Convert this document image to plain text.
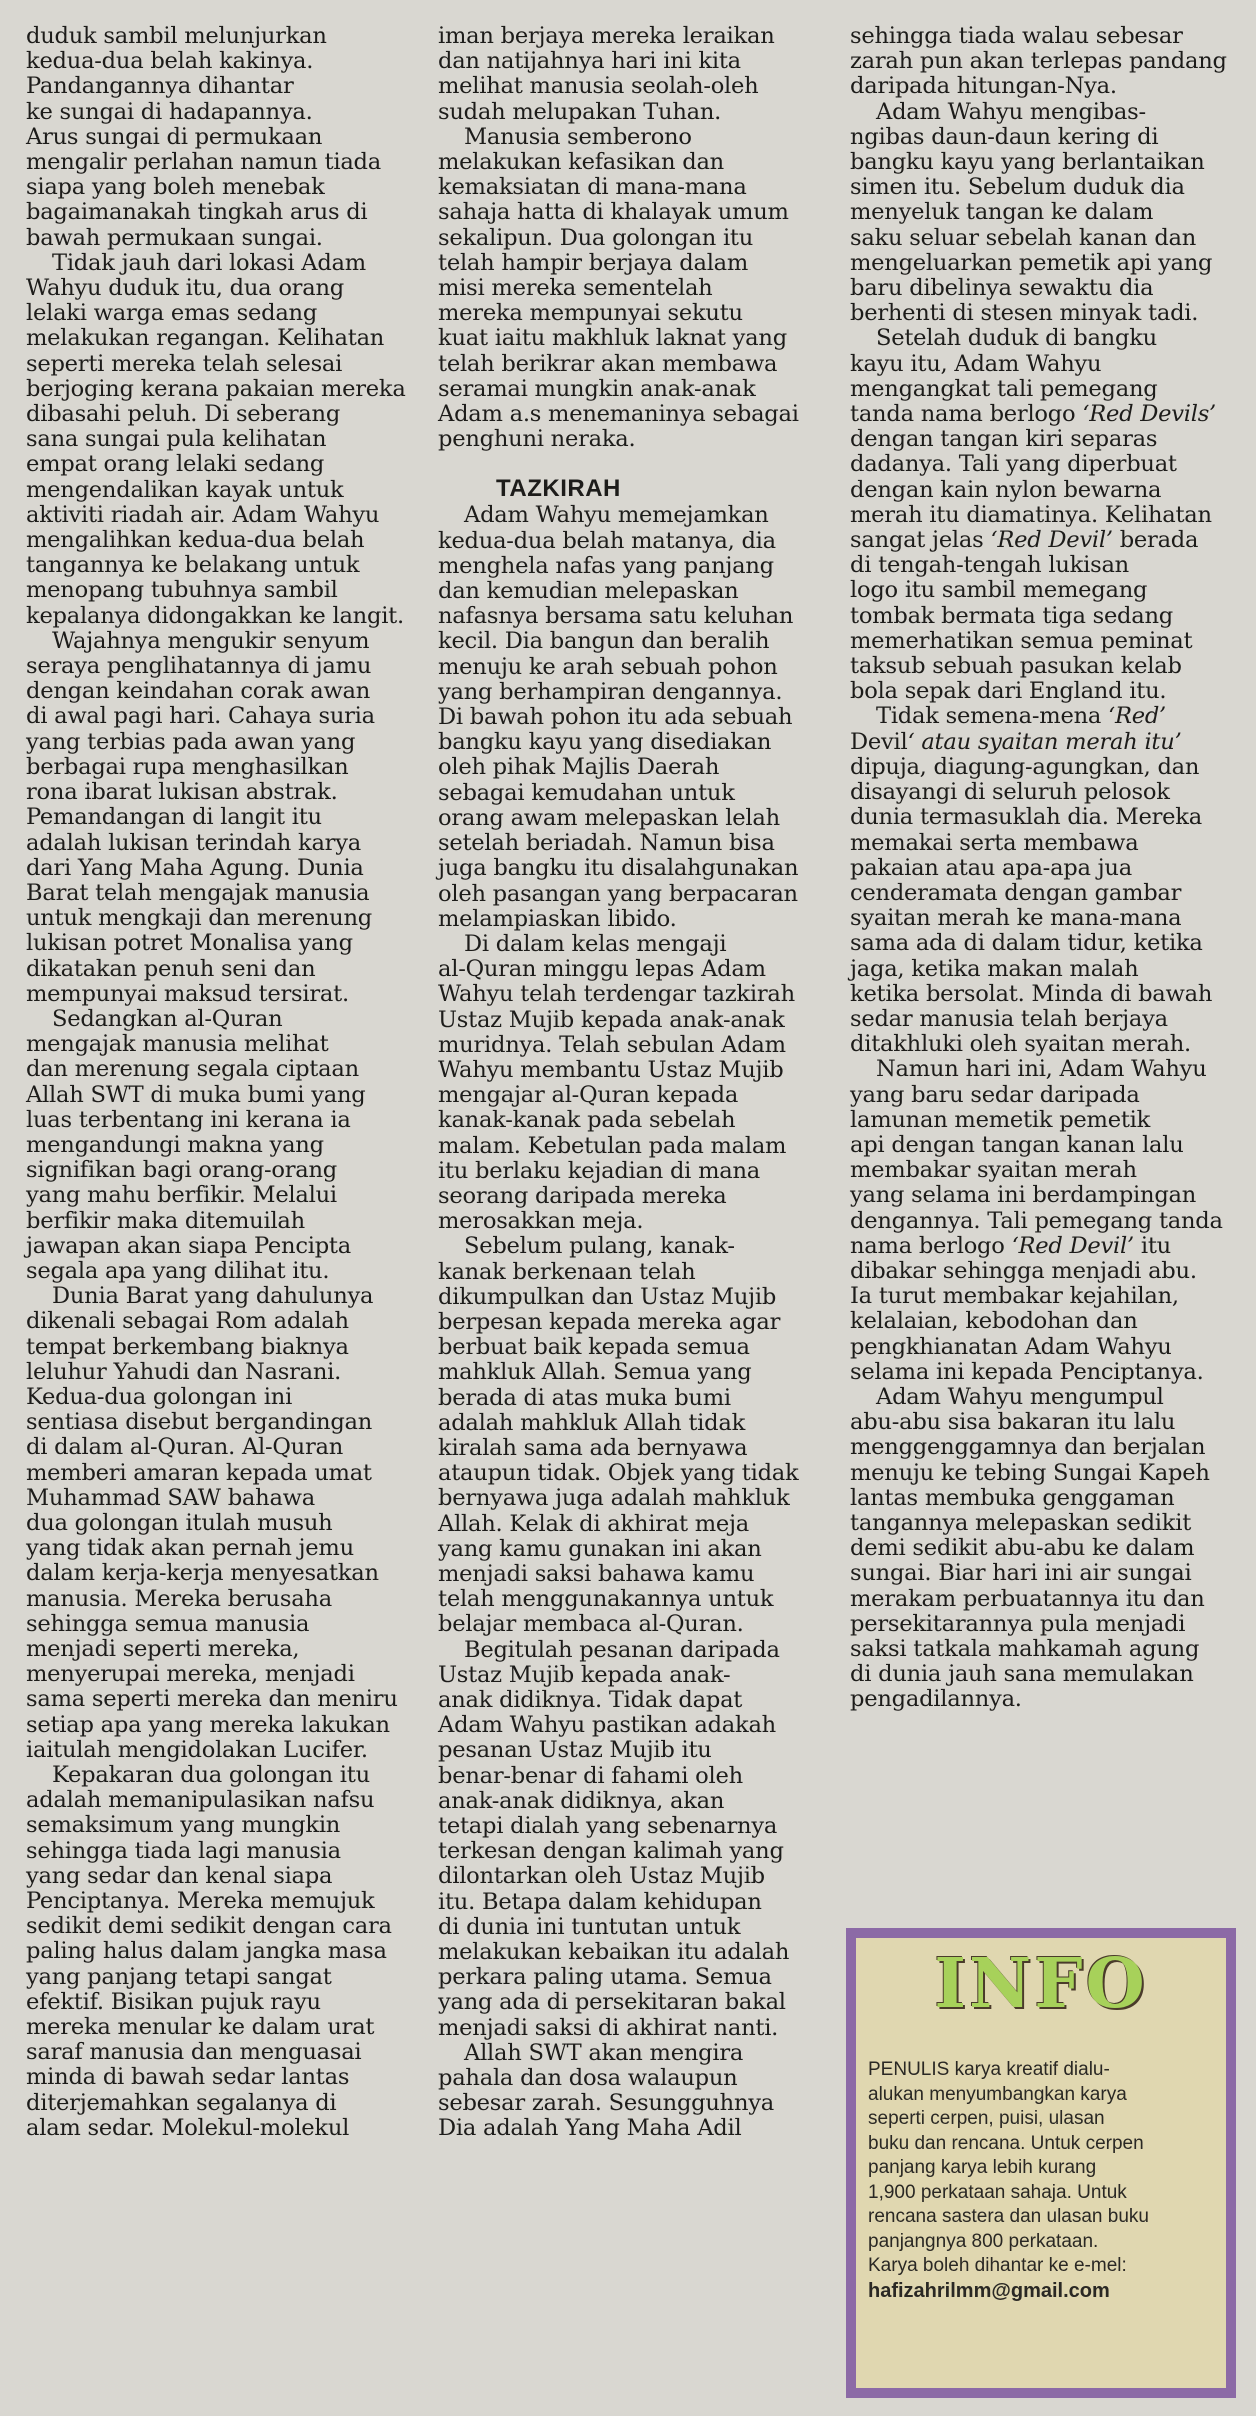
duduk sambil melunjurkan
kedua-dua belah kakinya.
Pandangannya dihantar
ke sungai di hadapannya.
Arus sungai di permukaan
mengalir perlahan namun tiada
siapa yang boleh menebak
bagaimanakah tingkah arus di
bawah permukaan sungai.

Tidak jauh dari lokasi Adam
Wahyu duduk itu, dua orang
lelaki warga emas sedang
melakukan regangan. Kelihatan
seperti mereka telah selesai
berjoging kerana pakaian mereka
dibasahi peluh. Di seberang
sana sungai pula kelihatan
empat orang lelaki sedang
mengendalikan kayak untuk
aktiviti riadah air. Adam Wahyu
mengalihkan kedua-dua belah
tangannya ke belakang untuk
menopang tubuhnya sambil
kepalanya didongakkan ke langit.

Wajahnya mengukir senyum
seraya penglihatannya di jamu
dengan keindahan corak awan
di awal pagi hari. Cahaya suria
yang terbias pada awan yang
berbagai rupa menghasilkan
rona ibarat lukisan abstrak.
Pemandangan di langit itu
adalah lukisan terindah karya
dari Yang Maha Agung. Dunia
Barat telah mengajak manusia
untuk mengkaji dan merenung
lukisan potret Monalisa yang
dikatakan penuh seni dan
mempunyai maksud tersirat.

Sedangkan al-Quran
mengajak manusia melihat
dan merenung segala ciptaan
Allah SWT di muka bumi yang
luas terbentang ini kerana ia
mengandungi makna yang
signifikan bagi orang-orang
yang mahu berfikir. Melalui
berfikir maka ditemuilah
jawapan akan siapa Pencipta
segala apa yang dilihat itu.

Dunia Barat yang dahulunya
dikenali sebagai Rom adalah
tempat berkembang biaknya
leluhur Yahudi dan Nasrani.
Kedua-dua golongan ini
sentiasa disebut bergandingan
di dalam al-Quran. Al-Quran
memberi amaran kepada umat
Muhammad SAW bahawa
dua golongan itulah musuh
yang tidak akan pernah jemu
dalam kerja-kerja menyesatkan
manusia. Mereka berusaha
sehingga semua manusia
menjadi seperti mereka,
menyerupai mereka, menjadi
sama seperti mereka dan meniru
setiap apa yang mereka lakukan
iaitulah mengidolakan Lucifer.

Kepakaran dua golongan itu
adalah memanipulasikan nafsu
semaksimum yang mungkin
sehingga tiada lagi manusia
yang sedar dan kenal siapa
Penciptanya. Mereka memujuk
sedikit demi sedikit dengan cara
paling halus dalam jangka masa
yang panjang tetapi sangat
efektif. Bisikan pujuk rayu
mereka menular ke dalam urat
saraf manusia dan menguasai
minda di bawah sedar lantas
diterjemahkan segalanya di
alam sedar. Molekul-molekul

iman berjaya mereka leraikan
dan natijahnya hari ini kita
melihat manusia seolah-oleh
sudah melupakan Tuhan.

Manusia semberono
melakukan kefasikan dan
kemaksiatan di mana-mana
sahaja hatta di khalayak umum
sekalipun. Dua golongan itu
telah hampir berjaya dalam
misi mereka sementelah
mereka mempunyai sekutu
kuat iaitu makhluk laknat yang
telah berikrar akan membawa
seramai mungkin anak-anak
Adam a.s menemaninya sebagai
penghuni neraka.

TAZKIRAH

Adam Wahyu memejamkan
kedua-dua belah matanya, dia
menghela nafas yang panjang
dan kemudian melepaskan
nafasnya bersama satu keluhan
kecil. Dia bangun dan beralih
menuju ke arah sebuah pohon
yang berhampiran dengannya.
Di bawah pohon itu ada sebuah
bangku kayu yang disediakan
oleh pihak Majlis Daerah
sebagai kemudahan untuk
orang awam melepaskan lelah
setelah beriadah. Namun bisa
juga bangku itu disalahgunakan
oleh pasangan yang berpacaran
melampiaskan libido.

Di dalam kelas mengaji
al-Quran minggu lepas Adam
Wahyu telah terdengar tazkirah
Ustaz Mujib kepada anak-anak
muridnya. Telah sebulan Adam
Wahyu membantu Ustaz Mujib
mengajar al-Quran kepada
kanak-kanak pada sebelah
malam. Kebetulan pada malam
itu berlaku kejadian di mana
seorang daripada mereka
merosakkan meja.

Sebelum pulang, kanak-
kanak berkenaan telah
dikumpulkan dan Ustaz Mujib
berpesan kepada mereka agar
berbuat baik kepada semua
mahkluk Allah. Semua yang
berada di atas muka bumi
adalah mahkluk Allah tidak
kiralah sama ada bernyawa
ataupun tidak. Objek yang tidak
bernyawa juga adalah mahkluk
Allah. Kelak di akhirat meja
yang kamu gunakan ini akan
menjadi saksi bahawa kamu
telah menggunakannya untuk
belajar membaca al-Quran.

Begitulah pesanan daripada
Ustaz Mujib kepada anak-
anak didiknya. Tidak dapat
Adam Wahyu pastikan adakah
pesanan Ustaz Mujib itu
benar-benar di fahami oleh
anak-anak didiknya, akan
tetapi dialah yang sebenarnya
terkesan dengan kalimah yang
dilontarkan oleh Ustaz Mujib
itu. Betapa dalam kehidupan
di dunia ini tuntutan untuk
melakukan kebaikan itu adalah
perkara paling utama. Semua
yang ada di persekitaran bakal
menjadi saksi di akhirat nanti.

Allah SWT akan mengira
pahala dan dosa walaupun
sebesar zarah. Sesungguhnya
Dia adalah Yang Maha Adil

sehingga tiada walau sebesar
zarah pun akan terlepas pandang
daripada hitungan-Nya.

Adam Wahyu mengibas-
ngibas daun-daun kering di
bangku kayu yang berlantaikan
simen itu. Sebelum duduk dia
menyeluk tangan ke dalam
saku seluar sebelah kanan dan
mengeluarkan pemetik api yang
baru dibelinya sewaktu dia
berhenti di stesen minyak tadi.

Setelah duduk di bangku
kayu itu, Adam Wahyu
mengangkat tali pemegang
tanda nama berlogo ‘Red Devils’
dengan tangan kiri separas
dadanya. Tali yang diperbuat
dengan kain nylon bewarna
merah itu diamatinya. Kelihatan
sangat jelas ‘Red Devil’ berada
di tengah-tengah lukisan
logo itu sambil memegang
tombak bermata tiga sedang
memerhatikan semua peminat
taksub sebuah pasukan kelab
bola sepak dari England itu.

Tidak semena-mena ‘Red’
Devil‘ atau syaitan merah itu’
dipuja, diagung-agungkan, dan
disayangi di seluruh pelosok
dunia termasuklah dia. Mereka
memakai serta membawa
pakaian atau apa-apa jua
cenderamata dengan gambar
syaitan merah ke mana-mana
sama ada di dalam tidur, ketika
jaga, ketika makan malah
ketika bersolat. Minda di bawah
sedar manusia telah berjaya
ditakhluki oleh syaitan merah.

Namun hari ini, Adam Wahyu
yang baru sedar daripada
lamunan memetik pemetik
api dengan tangan kanan lalu
membakar syaitan merah
yang selama ini berdampingan
dengannya. Tali pemegang tanda
nama berlogo ‘Red Devil’ itu
dibakar sehingga menjadi abu.
Ia turut membakar kejahilan,
kelalaian, kebodohan dan
pengkhianatan Adam Wahyu
selama ini kepada Penciptanya.

Adam Wahyu mengumpul
abu-abu sisa bakaran itu lalu
menggenggamnya dan berjalan
menuju ke tebing Sungai Kapeh
lantas membuka genggaman
tangannya melepaskan sedikit
demi sedikit abu-abu ke dalam
sungai. Biar hari ini air sungai
merakam perbuatannya itu dan
persekitarannya pula menjadi
saksi tatkala mahkamah agung
di dunia jauh sana memulakan
pengadilannya.

INFO
PENULIS karya kreatif dialu-
alukan menyumbangkan karya
seperti cerpen, puisi, ulasan
buku dan rencana. Untuk cerpen
panjang karya lebih kurang
1,900 perkataan sahaja. Untuk
rencana sastera dan ulasan buku
panjangnya 800 perkataan.
Karya boleh dihantar ke e-mel:
hafizahrilmm@gmail.com
